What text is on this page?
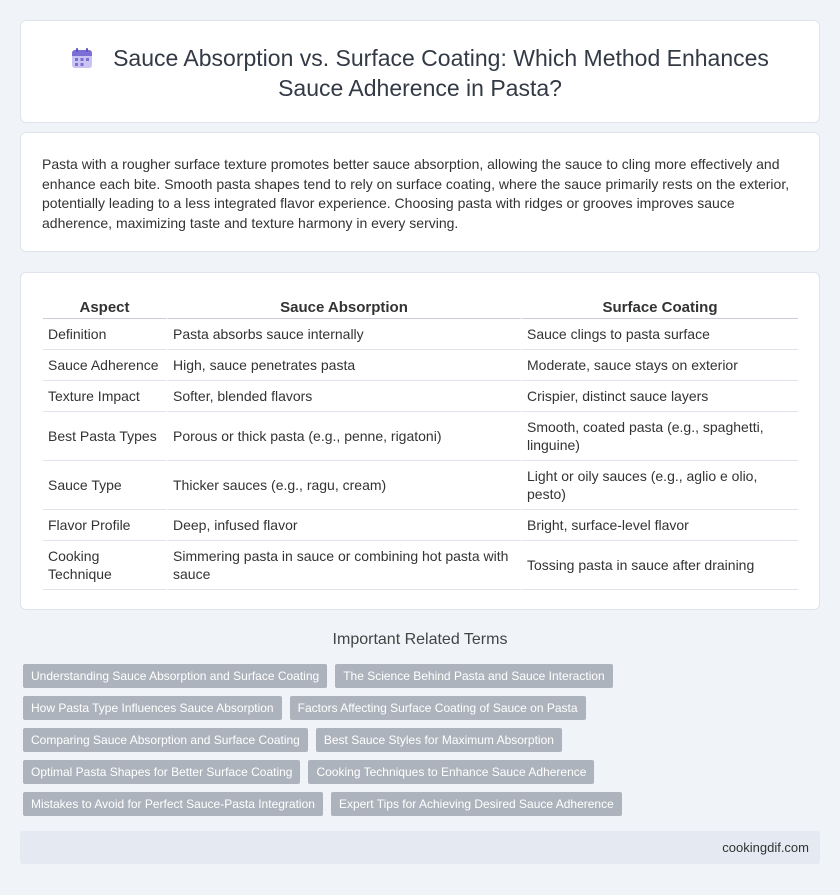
Sauce Absorption vs. Surface Coating: Which Method Enhances
Sauce Adherence in Pasta?

Pasta with a rougher surface texture promotes better sauce absorption, allowing the sauce to cling more effectively and enhance each bite. Smooth pasta shapes tend to rely on surface coating, where the sauce primarily rests on the exterior, potentially leading to a less integrated flavor experience. Choosing pasta with ridges or grooves improves sauce adherence, maximizing taste and texture harmony in every serving.

Aspect	Sauce Absorption	Surface Coating
Definition	Pasta absorbs sauce internally	Sauce clings to pasta surface
Sauce Adherence	High, sauce penetrates pasta	Moderate, sauce stays on exterior
Texture Impact	Softer, blended flavors	Crispier, distinct sauce layers
Best Pasta Types	Porous or thick pasta (e.g., penne, rigatoni)	Smooth, coated pasta (e.g., spaghetti, linguine)
Sauce Type	Thicker sauces (e.g., ragu, cream)	Light or oily sauces (e.g., aglio e olio, pesto)
Flavor Profile	Deep, infused flavor	Bright, surface-level flavor
Cooking Technique	Simmering pasta in sauce or combining hot pasta with sauce	Tossing pasta in sauce after draining
Important Related Terms
Understanding Sauce Absorption and Surface Coating	The Science Behind Pasta and Sauce Interaction
How Pasta Type Influences Sauce Absorption	Factors Affecting Surface Coating of Sauce on Pasta
Comparing Sauce Absorption and Surface Coating	Best Sauce Styles for Maximum Absorption
Optimal Pasta Shapes for Better Surface Coating	Cooking Techniques to Enhance Sauce Adherence
Mistakes to Avoid for Perfect Sauce-Pasta Integration	Expert Tips for Achieving Desired Sauce Adherence
cookingdif.com
